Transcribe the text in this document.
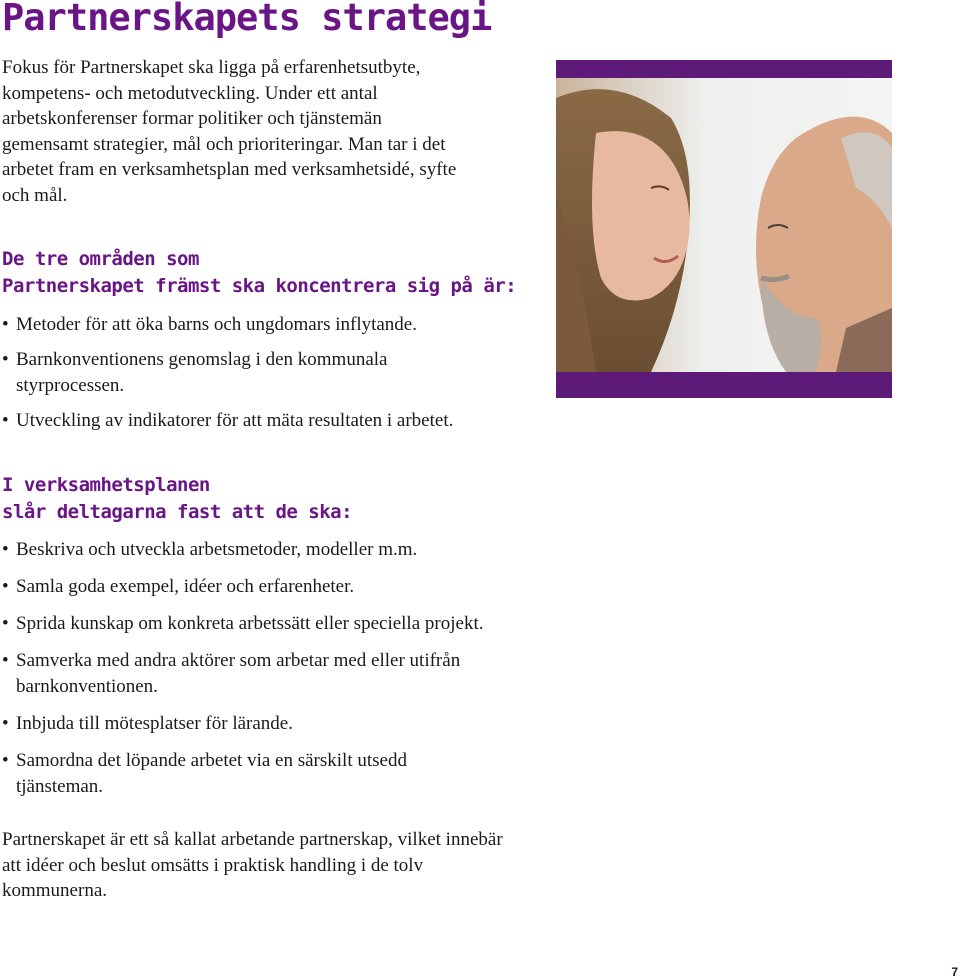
Partnerskapets strategi

Fokus för Partnerskapet ska ligga på erfarenhetsutbyte, kompetens- och metodutveckling. Under ett antal arbetskonferenser formar politiker och tjänstemän gemensamt strategier, mål och prioriteringar. Man tar i det arbetet fram en verksamhetsplan med verksamhetsidé, syfte och mål.

De tre områden som
Partnerskapet främst ska koncentrera sig på är:
• Metoder för att öka barns och ungdomars inflytande.
• Barnkonventionens genomslag i den kommunala styrprocessen.
• Utveckling av indikatorer för att mäta resultaten i arbetet.
I verksamhetsplanen
slår deltagarna fast att de ska:
• Beskriva och utveckla arbetsmetoder, modeller m.m.
• Samla goda exempel, idéer och erfarenheter.
• Sprida kunskap om konkreta arbetssätt eller speciella projekt.
• Samverka med andra aktörer som arbetar med eller utifrån barnkonventionen.
• Inbjuda till mötesplatser för lärande.
• Samordna det löpande arbetet via en särskilt utsedd tjänsteman.

Partnerskapet är ett så kallat arbetande partnerskap, vilket innebär att idéer och beslut omsätts i praktisk handling i de tolv kommunerna.

7
